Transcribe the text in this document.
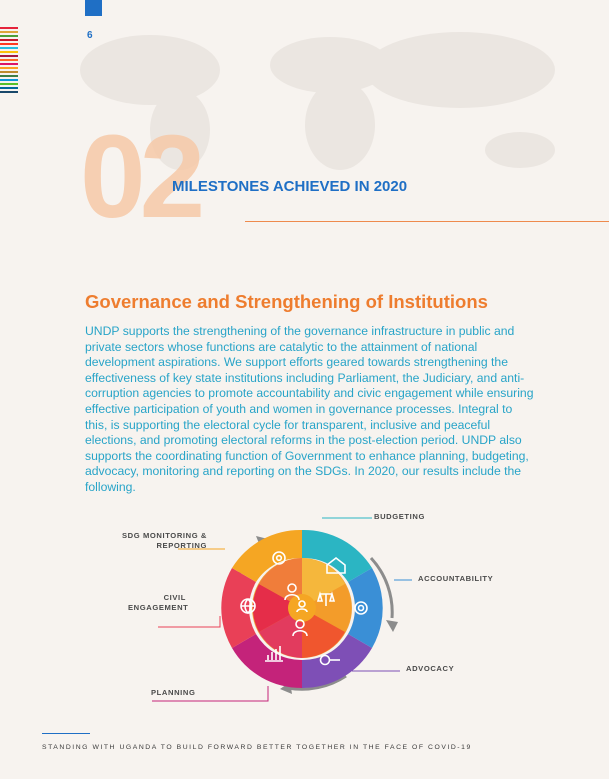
6
02
MILESTONES ACHIEVED IN 2020
Governance and Strengthening of Institutions

UNDP supports the strengthening of the governance infrastructure in public and private sectors whose functions are catalytic to the attainment of national development aspirations. We support efforts geared towards strengthening the effectiveness of key state institutions including Parliament, the Judiciary, and anti-corruption agencies to promote accountability and civic engagement while ensuring effective participation of youth and women in governance processes. Integral to this, is supporting the electoral cycle for transparent, inclusive and peaceful elections, and promoting electoral reforms in the post-election period. UNDP also supports the coordinating function of Government to enhance planning, budgeting, advocacy, monitoring and reporting on the SDGs. In 2020, our results include the following.

BUDGETING
ACCOUNTABILITY
ADVOCACY
PLANNING
CIVIL
ENGAGEMENT
SDG MONITORING &
REPORTING
STANDING WITH UGANDA TO BUILD FORWARD BETTER TOGETHER IN THE FACE OF COVID-19
